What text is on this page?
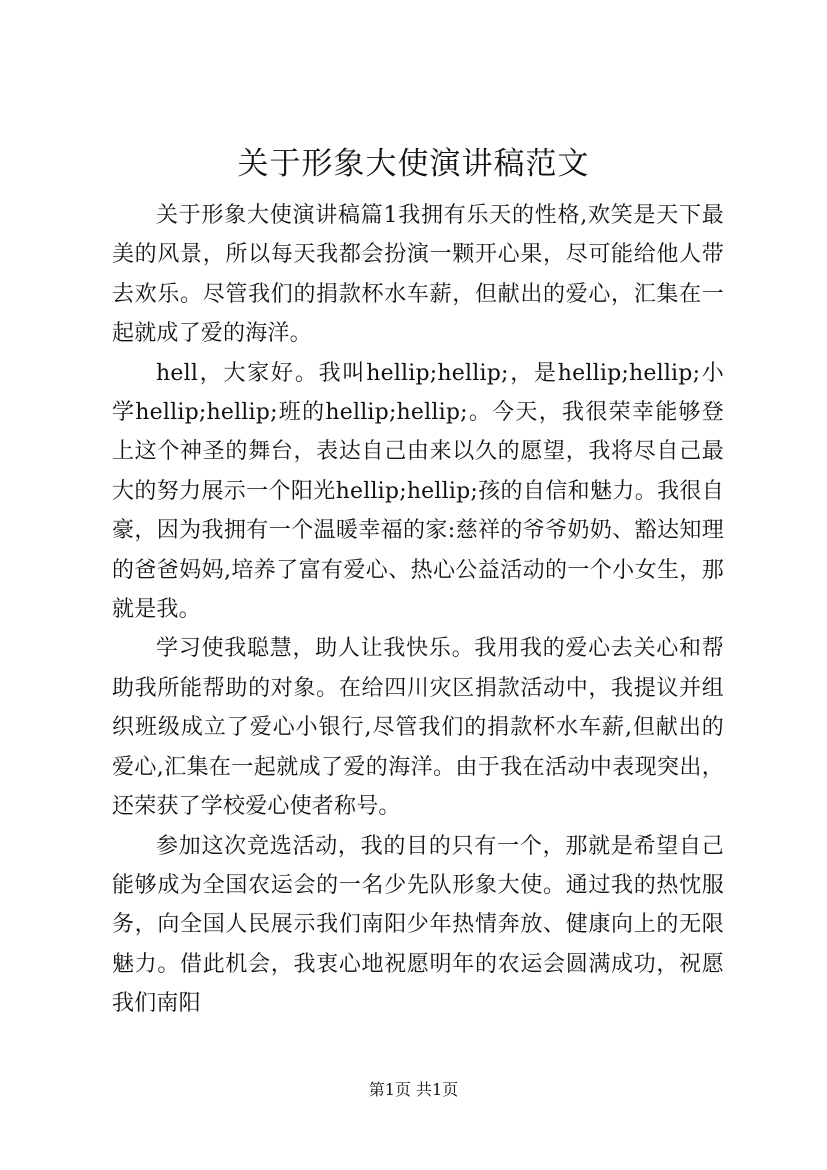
关于形象大使演讲稿范文

关于形象大使演讲稿篇1我拥有乐天的性格,欢笑是天下最美的风景，所以每天我都会扮演一颗开心果，尽可能给他人带去欢乐。尽管我们的捐款杯水车薪，但献出的爱心，汇集在一起就成了爱的海洋。

hell，大家好。我叫hellip;hellip;，是hellip;hellip;小学hellip;hellip;班的hellip;hellip;。今天，我很荣幸能够登上这个神圣的舞台，表达自己由来以久的愿望，我将尽自己最大的努力展示一个阳光hellip;hellip;孩的自信和魅力。我很自豪，因为我拥有一个温暖幸福的家:慈祥的爷爷奶奶、豁达知理的爸爸妈妈,培养了富有爱心、热心公益活动的一个小女生，那就是我。

学习使我聪慧，助人让我快乐。我用我的爱心去关心和帮助我所能帮助的对象。在给四川灾区捐款活动中，我提议并组织班级成立了爱心小银行,尽管我们的捐款杯水车薪,但献出的爱心,汇集在一起就成了爱的海洋。由于我在活动中表现突出，还荣获了学校爱心使者称号。

参加这次竞选活动，我的目的只有一个，那就是希望自己能够成为全国农运会的一名少先队形象大使。通过我的热忱服务，向全国人民展示我们南阳少年热情奔放、健康向上的无限魅力。借此机会，我衷心地祝愿明年的农运会圆满成功，祝愿我们南阳

第1页 共1页
